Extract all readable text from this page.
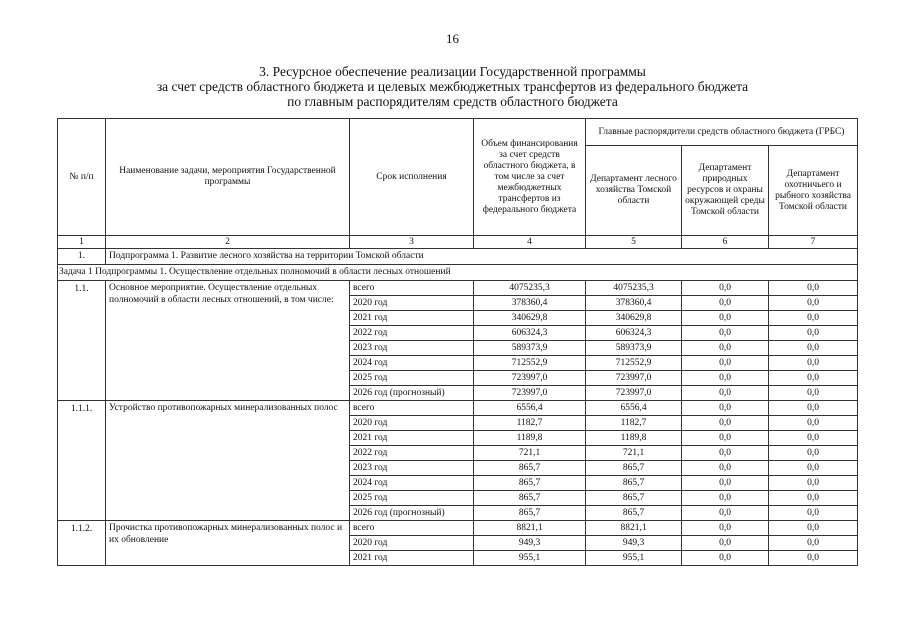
16
3. Ресурсное обеспечение реализации Государственной программы
за счет средств областного бюджета и целевых межбюджетных трансфертов из федерального бюджета
по главным распорядителям средств областного бюджета
№ п/п	Наименование задачи, мероприятия Государственной программы	Срок исполнения	Объем финансирования за счет средств областного бюджета, в том числе за счет межбюджетных трансфертов из федерального бюджета	Главные распорядители средств областного бюджета (ГРБС)		
				Департамент лесного хозяйства Томской области	Департамент природных ресурсов и охраны окружающей среды Томской области	Департамент охотничьего и рыбного хозяйства Томской области
1	2	3	4	5	6	7
1.	Подпрограмма 1. Развитие лесного хозяйства на территории Томской области					
Задача 1 Подпрограммы 1. Осуществление отдельных полномочий в области лесных отношений						
1.1.	Основное мероприятие. Осуществление отдельных полномочий в области лесных отношений, в том числе:	всего	4075235,3	4075235,3	0,0	0,0
		2020 год	378360,4	378360,4	0,0	0,0
		2021 год	340629,8	340629,8	0,0	0,0
		2022 год	606324,3	606324,3	0,0	0,0
		2023 год	589373,9	589373,9	0,0	0,0
		2024 год	712552,9	712552,9	0,0	0,0
		2025 год	723997,0	723997,0	0,0	0,0
		2026 год (прогнозный)	723997,0	723997,0	0,0	0,0
1.1.1.	Устройство противопожарных минерализованных полос	всего	6556,4	6556,4	0,0	0,0
		2020 год	1182,7	1182,7	0,0	0,0
		2021 год	1189,8	1189,8	0,0	0,0
		2022 год	721,1	721,1	0,0	0,0
		2023 год	865,7	865,7	0,0	0,0
		2024 год	865,7	865,7	0,0	0,0
		2025 год	865,7	865,7	0,0	0,0
		2026 год (прогнозный)	865,7	865,7	0,0	0,0
1.1.2.	Прочистка противопожарных минерализованных полос и их обновление	всего	8821,1	8821,1	0,0	0,0
		2020 год	949,3	949,3	0,0	0,0
		2021 год	955,1	955,1	0,0	0,0
